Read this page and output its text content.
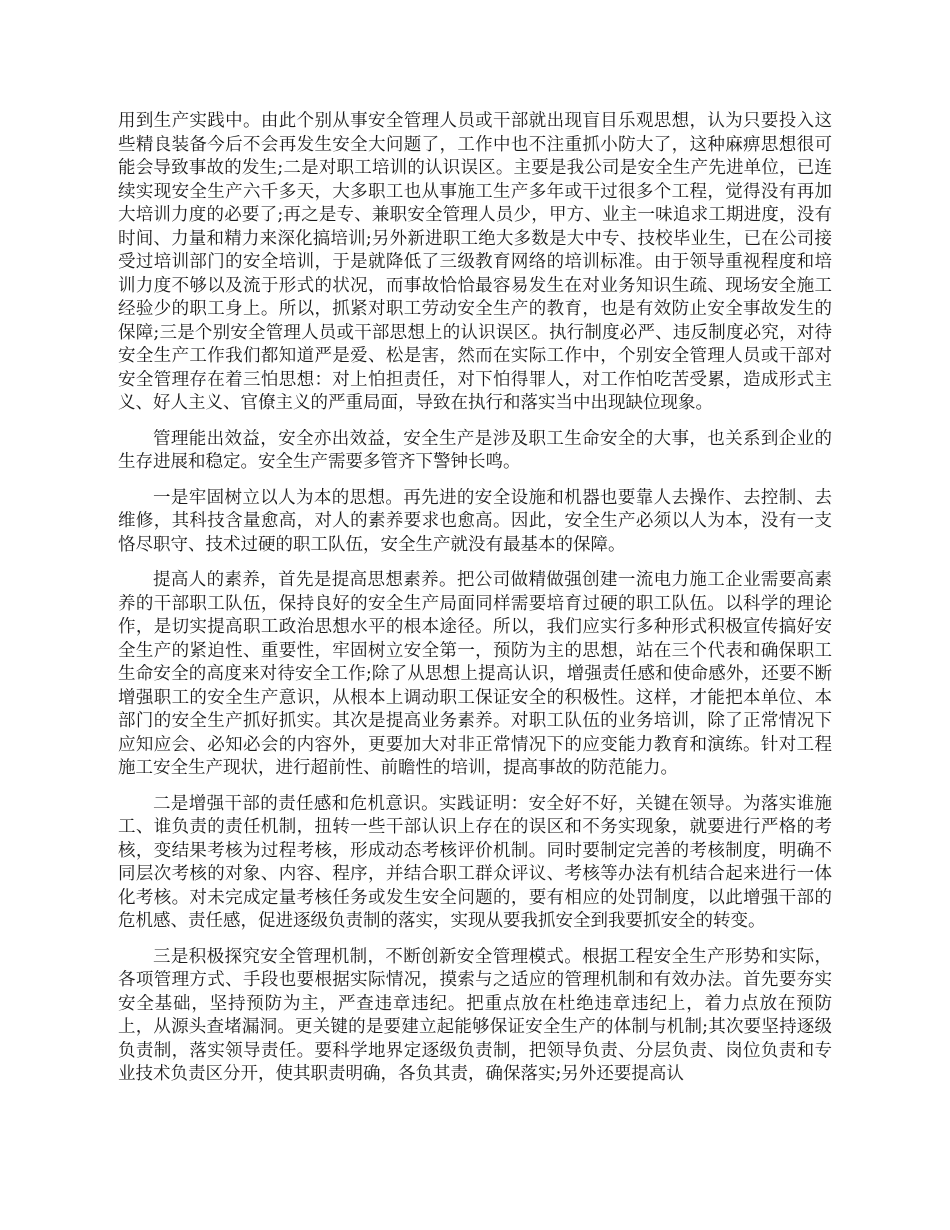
用到生产实践中。由此个别从事安全管理人员或干部就出现盲目乐观思想，认为只要投入这些精良装备今后不会再发生安全大问题了，工作中也不注重抓小防大了，这种麻痹思想很可能会导致事故的发生;二是对职工培训的认识误区。主要是我公司是安全生产先进单位，已连续实现安全生产六千多天，大多职工也从事施工生产多年或干过很多个工程，觉得没有再加大培训力度的必要了;再之是专、兼职安全管理人员少，甲方、业主一味追求工期进度，没有时间、力量和精力来深化搞培训;另外新进职工绝大多数是大中专、技校毕业生，已在公司接受过培训部门的安全培训，于是就降低了三级教育网络的培训标准。由于领导重视程度和培训力度不够以及流于形式的状况，而事故恰恰最容易发生在对业务知识生疏、现场安全施工经验少的职工身上。所以，抓紧对职工劳动安全生产的教育，也是有效防止安全事故发生的保障;三是个别安全管理人员或干部思想上的认识误区。执行制度必严、违反制度必究，对待安全生产工作我们都知道严是爱、松是害，然而在实际工作中，个别安全管理人员或干部对安全管理存在着三怕思想：对上怕担责任，对下怕得罪人，对工作怕吃苦受累，造成形式主义、好人主义、官僚主义的严重局面，导致在执行和落实当中出现缺位现象。

管理能出效益，安全亦出效益，安全生产是涉及职工生命安全的大事，也关系到企业的生存进展和稳定。安全生产需要多管齐下警钟长鸣。

一是牢固树立以人为本的思想。再先进的安全设施和机器也要靠人去操作、去控制、去维修，其科技含量愈高，对人的素养要求也愈高。因此，安全生产必须以人为本，没有一支恪尽职守、技术过硬的职工队伍，安全生产就没有最基本的保障。

提高人的素养，首先是提高思想素养。把公司做精做强创建一流电力施工企业需要高素养的干部职工队伍，保持良好的安全生产局面同样需要培育过硬的职工队伍。以科学的理论作，是切实提高职工政治思想水平的根本途径。所以，我们应实行多种形式积极宣传搞好安全生产的紧迫性、重要性，牢固树立安全第一，预防为主的思想，站在三个代表和确保职工生命安全的高度来对待安全工作;除了从思想上提高认识，增强责任感和使命感外，还要不断增强职工的安全生产意识，从根本上调动职工保证安全的积极性。这样，才能把本单位、本部门的安全生产抓好抓实。其次是提高业务素养。对职工队伍的业务培训，除了正常情况下应知应会、必知必会的内容外，更要加大对非正常情况下的应变能力教育和演练。针对工程施工安全生产现状，进行超前性、前瞻性的培训，提高事故的防范能力。

二是增强干部的责任感和危机意识。实践证明：安全好不好，关键在领导。为落实谁施工、谁负责的责任机制，扭转一些干部认识上存在的误区和不务实现象，就要进行严格的考核，变结果考核为过程考核，形成动态考核评价机制。同时要制定完善的考核制度，明确不同层次考核的对象、内容、程序，并结合职工群众评议、考核等办法有机结合起来进行一体化考核。对未完成定量考核任务或发生安全问题的，要有相应的处罚制度，以此增强干部的危机感、责任感，促进逐级负责制的落实，实现从要我抓安全到我要抓安全的转变。

三是积极探究安全管理机制，不断创新安全管理模式。根据工程安全生产形势和实际，各项管理方式、手段也要根据实际情况，摸索与之适应的管理机制和有效办法。首先要夯实安全基础，坚持预防为主，严查违章违纪。把重点放在杜绝违章违纪上，着力点放在预防上，从源头查堵漏洞。更关键的是要建立起能够保证安全生产的体制与机制;其次要坚持逐级负责制，落实领导责任。要科学地界定逐级负责制，把领导负责、分层负责、岗位负责和专业技术负责区分开，使其职责明确，各负其责，确保落实;另外还要提高认
